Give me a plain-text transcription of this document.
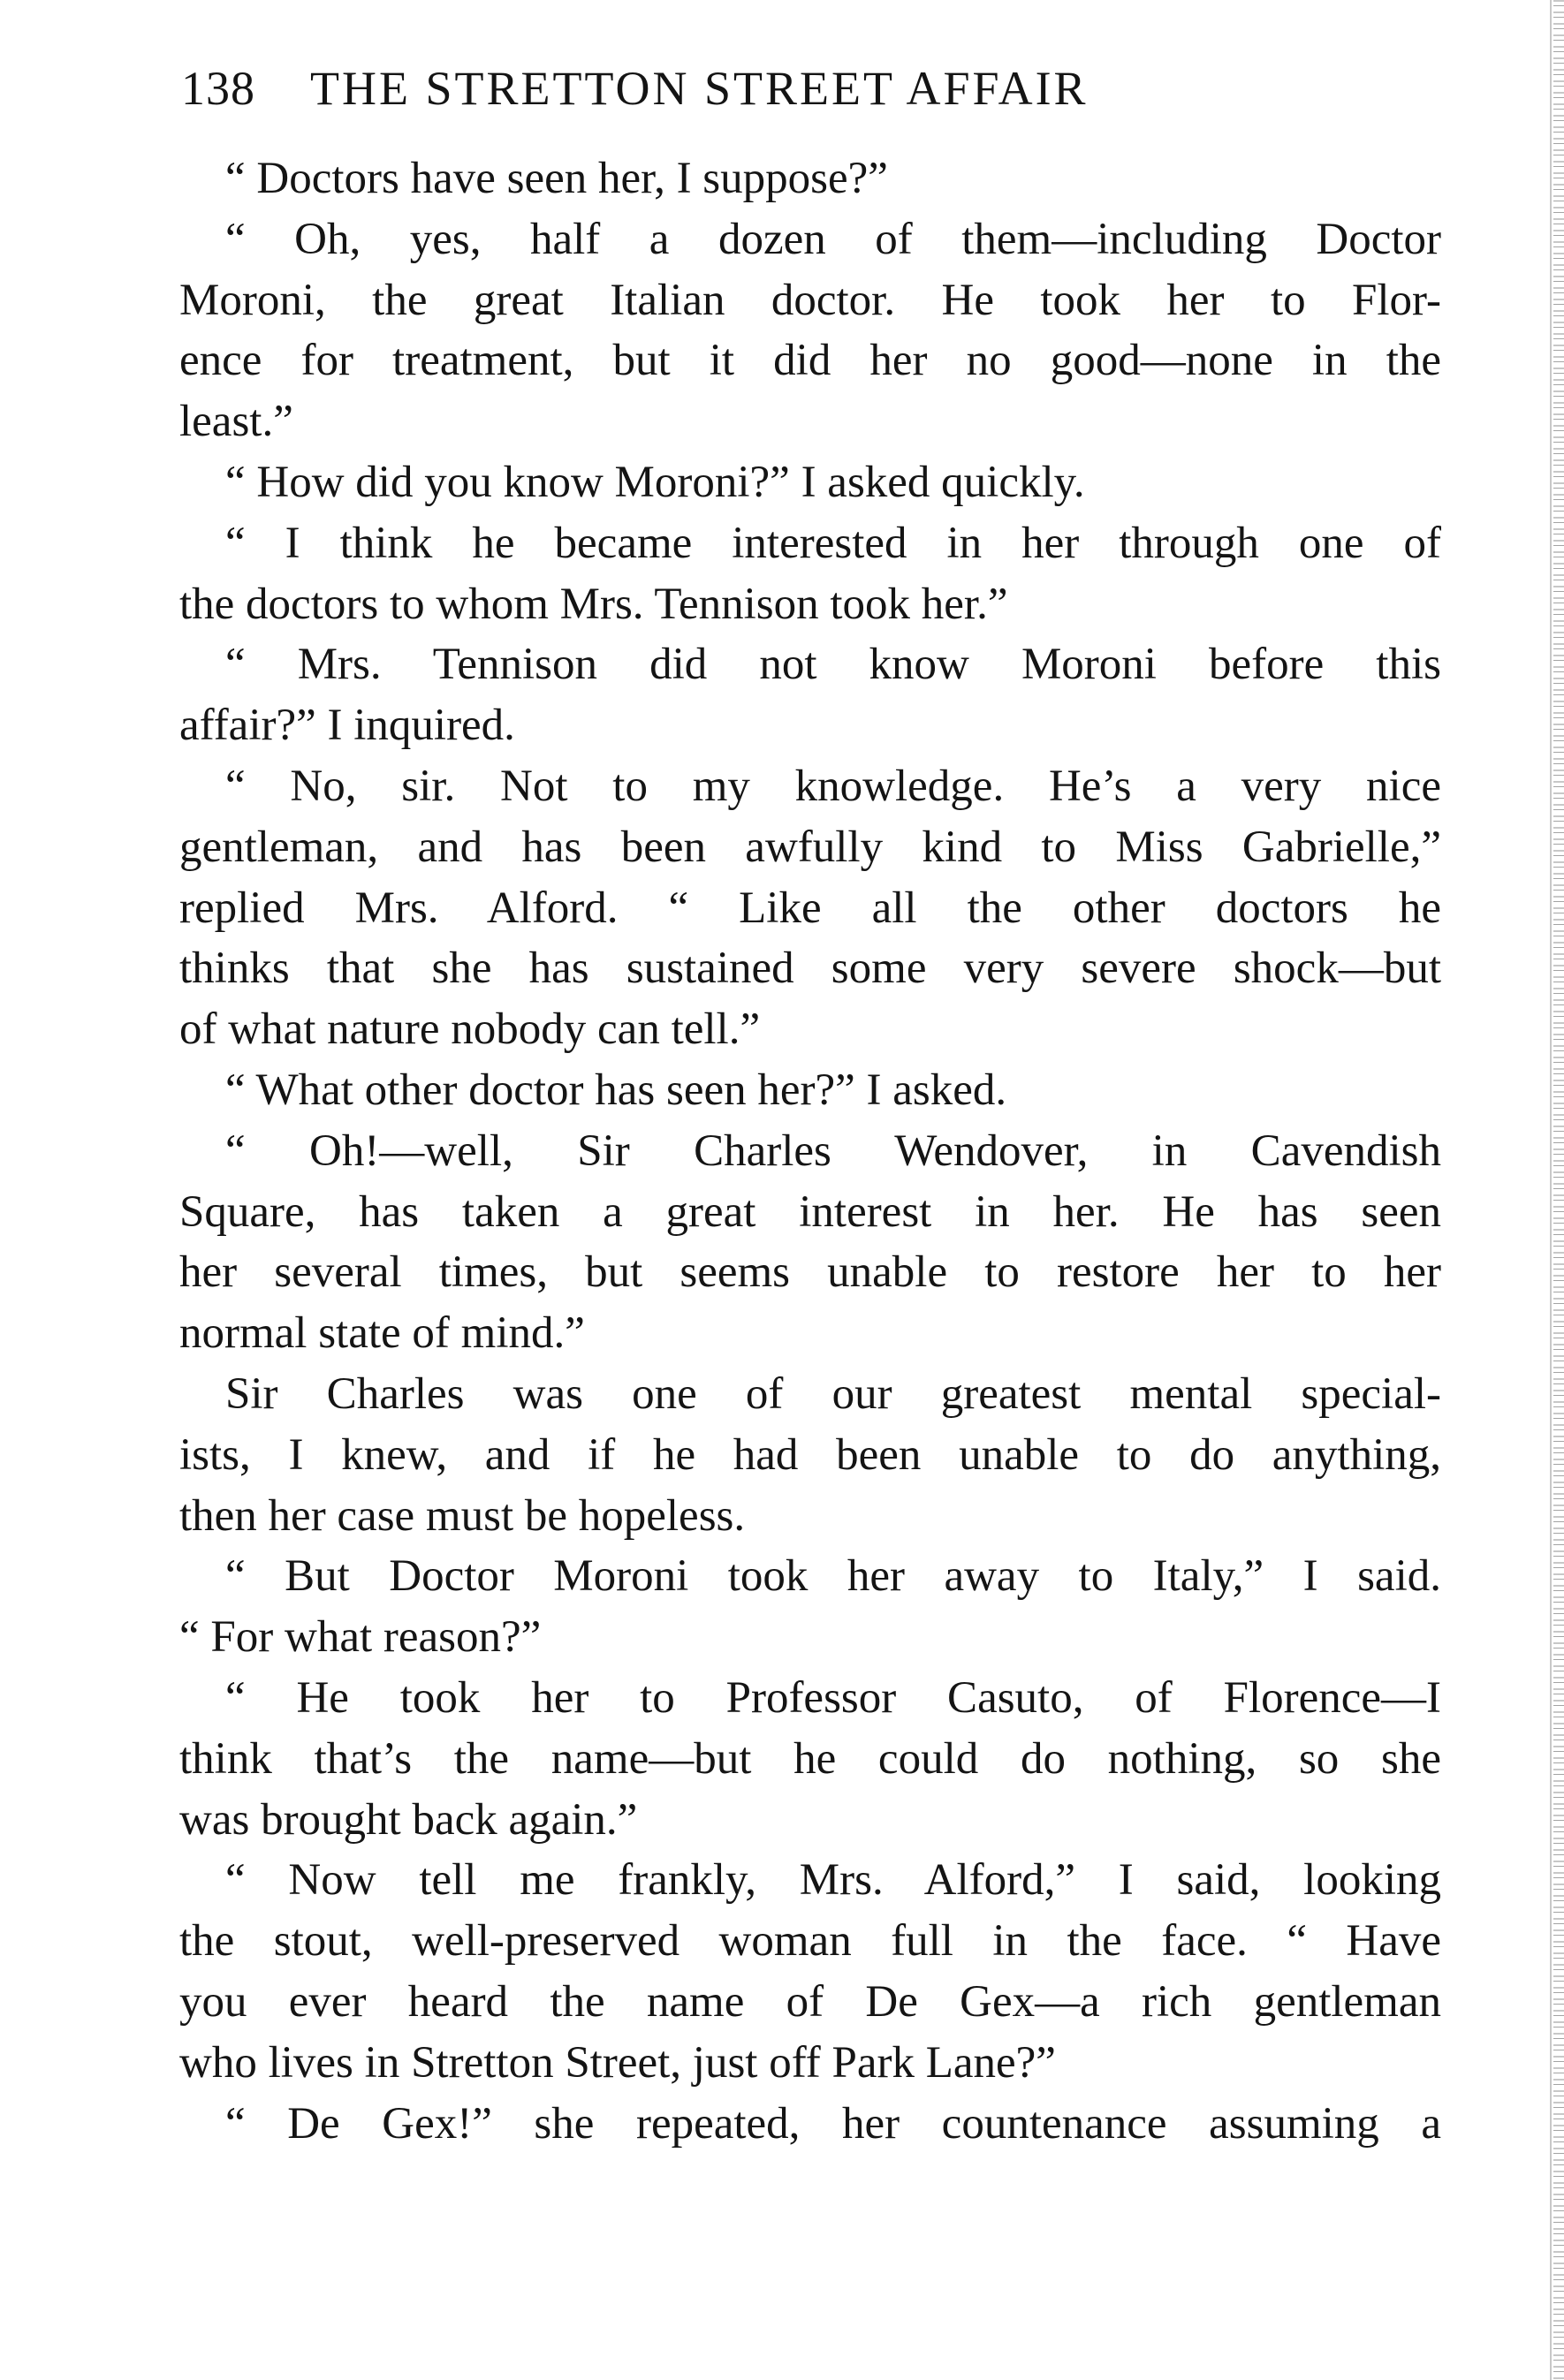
138 THE STRETTON STREET AFFAIR
“ Doctors have seen her, I suppose?”
“ Oh, yes, half a dozen of them—including Doctor
Moroni, the great Italian doctor. He took her to Flor-
ence for treatment, but it did her no good—none in the
least.”
“ How did you know Moroni?” I asked quickly.
“ I think he became interested in her through one of
the doctors to whom Mrs. Tennison took her.”
“ Mrs. Tennison did not know Moroni before this
affair?” I inquired.
“ No, sir. Not to my knowledge. He’s a very nice
gentleman, and has been awfully kind to Miss Gabrielle,”
replied Mrs. Alford. “ Like all the other doctors he
thinks that she has sustained some very severe shock—but
of what nature nobody can tell.”
“ What other doctor has seen her?” I asked.
“ Oh!—well, Sir Charles Wendover, in Cavendish
Square, has taken a great interest in her. He has seen
her several times, but seems unable to restore her to her
normal state of mind.”
Sir Charles was one of our greatest mental special-
ists, I knew, and if he had been unable to do anything,
then her case must be hopeless.
“ But Doctor Moroni took her away to Italy,” I said.
“ For what reason?”
“ He took her to Professor Casuto, of Florence—I
think that’s the name—but he could do nothing, so she
was brought back again.”
“ Now tell me frankly, Mrs. Alford,” I said, looking
the stout, well-preserved woman full in the face. “ Have
you ever heard the name of De Gex—a rich gentleman
who lives in Stretton Street, just off Park Lane?”
“ De Gex!” she repeated, her countenance assuming a
